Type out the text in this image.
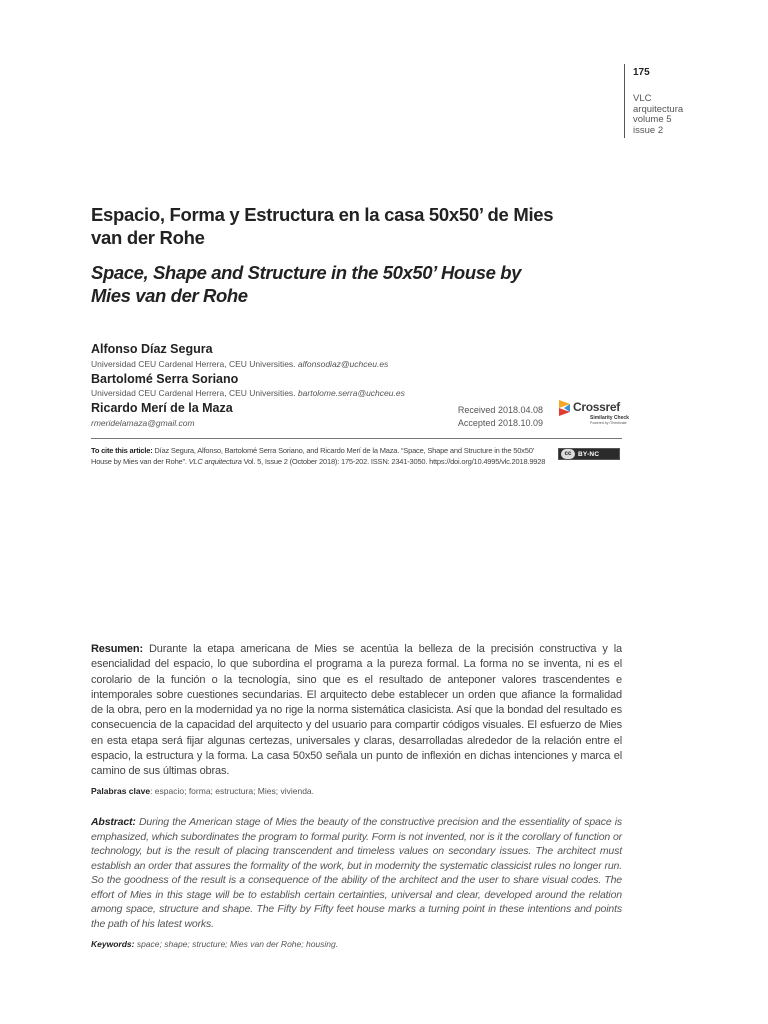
175
VLC
arquitectura
volume 5
issue 2
Espacio, Forma y Estructura en la casa 50x50’ de Mies van der Rohe
Space, Shape and Structure in the 50x50’ House by Mies van der Rohe
Alfonso Díaz Segura
Universidad CEU Cardenal Herrera, CEU Universities. alfonsodiaz@uchceu.es
Bartolomé Serra Soriano
Universidad CEU Cardenal Herrera, CEU Universities. bartolome.serra@uchceu.es
Ricardo Merí de la Maza
rmeridelamaza@gmail.com
Received 2018.04.08
Accepted 2018.10.09
Crossref
Similarity Check
Powered by iThenticate
To cite this article: Díaz Segura, Alfonso, Bartolomé Serra Soriano, and Ricardo Merí de la Maza. “Space, Shape and Structure in the 50x50’ House by Mies van der Rohe”. VLC arquitectura Vol. 5, Issue 2 (October 2018): 175-202. ISSN: 2341-3050. https://doi.org/10.4995/vlc.2018.9928
cc	BY-NC

Resumen: Durante la etapa americana de Mies se acentúa la belleza de la precisión constructiva y la esencialidad del espacio, lo que subordina el programa a la pureza formal. La forma no se inventa, ni es el corolario de la función o la tecnología, sino que es el resultado de anteponer valores trascendentes e intemporales sobre cuestiones secundarias. El arquitecto debe establecer un orden que afiance la formalidad de la obra, pero en la modernidad ya no rige la norma sistemática clasicista. Así que la bondad del resultado es consecuencia de la capacidad del arquitecto y del usuario para compartir códigos visuales. El esfuerzo de Mies en esta etapa será fijar algunas certezas, universales y claras, desarrolladas alrededor de la relación entre el espacio, la estructura y la forma. La casa 50x50 señala un punto de inflexión en dichas intenciones y marca el camino de sus últimas obras.

Palabras clave: espacio; forma; estructura; Mies; vivienda.

Abstract: During the American stage of Mies the beauty of the constructive precision and the essentiality of space is emphasized, which subordinates the program to formal purity. Form is not invented, nor is it the corollary of function or technology, but is the result of placing transcendent and timeless values on secondary issues. The architect must establish an order that assures the formality of the work, but in modernity the systematic classicist rules no longer run. So the goodness of the result is a consequence of the ability of the architect and the user to share visual codes. The effort of Mies in this stage will be to establish certain certainties, universal and clear, developed around the relation among space, structure and shape. The Fifty by Fifty feet house marks a turning point in these intentions and points the path of his latest works.

Keywords: space; shape; structure; Mies van der Rohe; housing.
